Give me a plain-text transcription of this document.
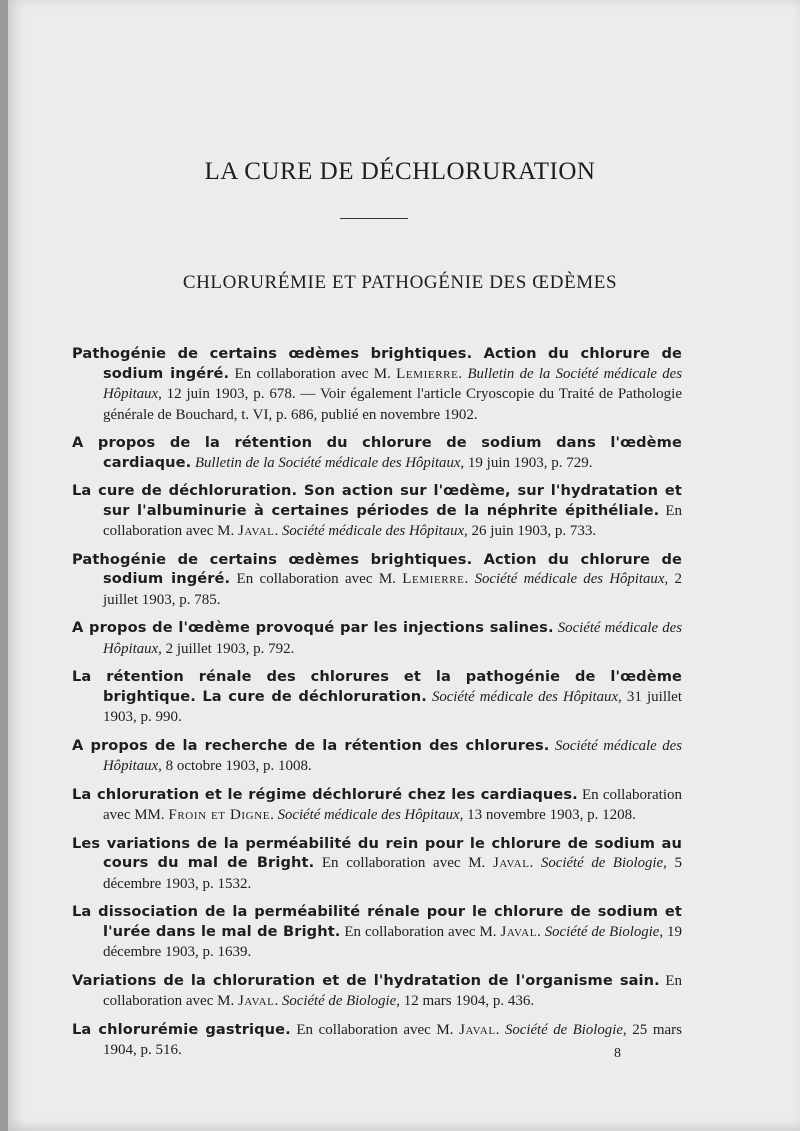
LA CURE DE DÉCHLORURATION
CHLORURÉMIE ET PATHOGÉNIE DES ŒDÈMES
Pathogénie de certains œdèmes brightiques. Action du chlorure de sodium ingéré. En collaboration avec M. Lemierre. Bulletin de la Société médicale des Hôpitaux, 12 juin 1903, p. 678. — Voir également l'article Cryoscopie du Traité de Pathologie générale de Bouchard, t. VI, p. 686, publié en novembre 1902.
A propos de la rétention du chlorure de sodium dans l'œdème cardiaque. Bulletin de la Société médicale des Hôpitaux, 19 juin 1903, p. 729.
La cure de déchloruration. Son action sur l'œdème, sur l'hydratation et sur l'albuminurie à certaines périodes de la néphrite épithéliale. En collaboration avec M. Javal. Société médicale des Hôpitaux, 26 juin 1903, p. 733.
Pathogénie de certains œdèmes brightiques. Action du chlorure de sodium ingéré. En collaboration avec M. Lemierre. Société médicale des Hôpitaux, 2 juillet 1903, p. 785.
A propos de l'œdème provoqué par les injections salines. Société médicale des Hôpitaux, 2 juillet 1903, p. 792.
La rétention rénale des chlorures et la pathogénie de l'œdème brightique. La cure de déchloruration. Société médicale des Hôpitaux, 31 juillet 1903, p. 990.
A propos de la recherche de la rétention des chlorures. Société médicale des Hôpitaux, 8 octobre 1903, p. 1008.
La chloruration et le régime déchloruré chez les cardiaques. En collaboration avec MM. Froin et Digne. Société médicale des Hôpitaux, 13 novembre 1903, p. 1208.
Les variations de la perméabilité du rein pour le chlorure de sodium au cours du mal de Bright. En collaboration avec M. Javal. Société de Biologie, 5 décembre 1903, p. 1532.
La dissociation de la perméabilité rénale pour le chlorure de sodium et l'urée dans le mal de Bright. En collaboration avec M. Javal. Société de Biologie, 19 décembre 1903, p. 1639.
Variations de la chloruration et de l'hydratation de l'organisme sain. En collaboration avec M. Javal. Société de Biologie, 12 mars 1904, p. 436.
La chlorurémie gastrique. En collaboration avec M. Javal. Société de Biologie, 25 mars 1904, p. 516.	8
